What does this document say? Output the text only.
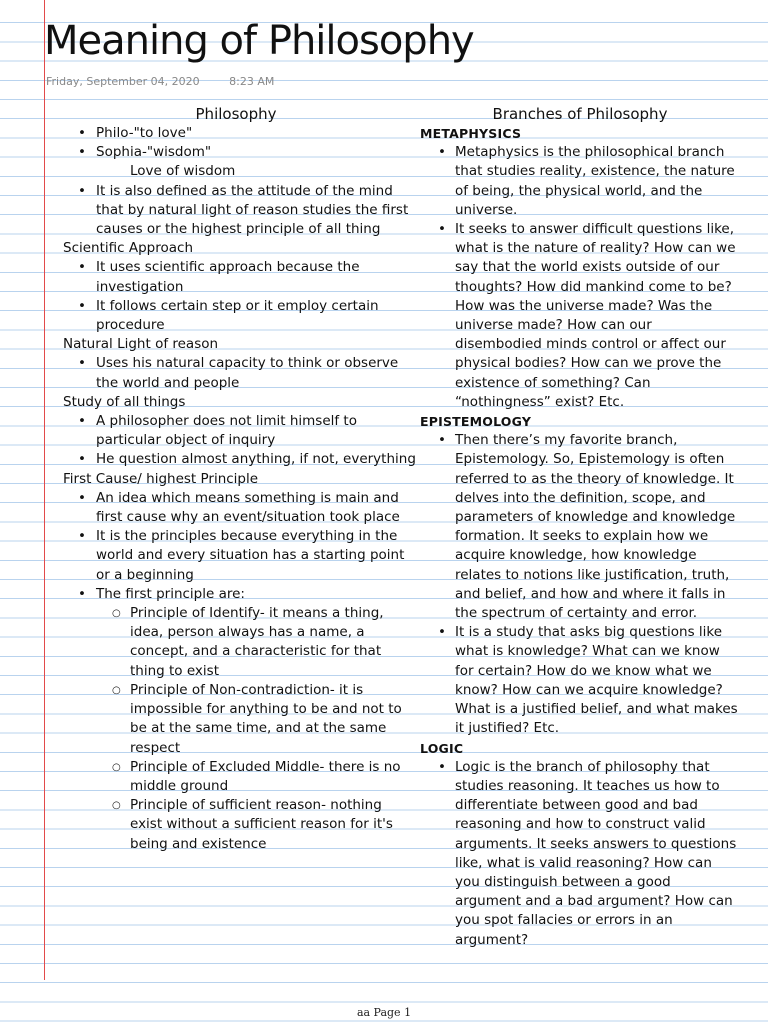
Meaning of Philosophy
Friday, September 04, 2020	8:23 AM
Philosophy
• Philo-"to love"
• Sophia-"wisdom"
Love of wisdom
• It is also defined as the attitude of the mind that by natural light of reason studies the first causes or the highest principle of all thing
Scientific Approach
• It uses scientific approach because the investigation
• It follows certain step or it employ certain procedure
Natural Light of reason
• Uses his natural capacity to think or observe the world and people
Study of all things
• A philosopher does not limit himself to particular object of inquiry
• He question almost anything, if not, everything
First Cause/ highest Principle
• An idea which means something is main and first cause why an event/situation took place
• It is the principles because everything in the world and every situation has a starting point or a beginning
• The first principle are:
○ Principle of Identify- it means a thing, idea, person always has a name, a concept, and a characteristic for that thing to exist
○ Principle of Non-contradiction- it is impossible for anything to be and not to be at the same time, and at the same respect
○ Principle of Excluded Middle- there is no middle ground
○ Principle of sufficient reason- nothing exist without a sufficient reason for it's being and existence
Branches of Philosophy
METAPHYSICS
• Metaphysics is the philosophical branch that studies reality, existence, the nature of being, the physical world, and the universe.
• It seeks to answer difficult questions like, what is the nature of reality? How can we say that the world exists outside of our thoughts? How did mankind come to be? How was the universe made? Was the universe made? How can our disembodied minds control or affect our physical bodies? How can we prove the existence of something? Can “nothingness” exist? Etc.
EPISTEMOLOGY
• Then there’s my favorite branch, Epistemology. So, Epistemology is often referred to as the theory of knowledge. It delves into the definition, scope, and parameters of knowledge and knowledge formation. It seeks to explain how we acquire knowledge, how knowledge relates to notions like justification, truth, and belief, and how and where it falls in the spectrum of certainty and error.
• It is a study that asks big questions like what is knowledge? What can we know for certain? How do we know what we know? How can we acquire knowledge? What is a justified belief, and what makes it justified? Etc.
LOGIC
• Logic is the branch of philosophy that studies reasoning. It teaches us how to differentiate between good and bad reasoning and how to construct valid arguments. It seeks answers to questions like, what is valid reasoning? How can you distinguish between a good argument and a bad argument? How can you spot fallacies or errors in an argument?
aa Page 1
